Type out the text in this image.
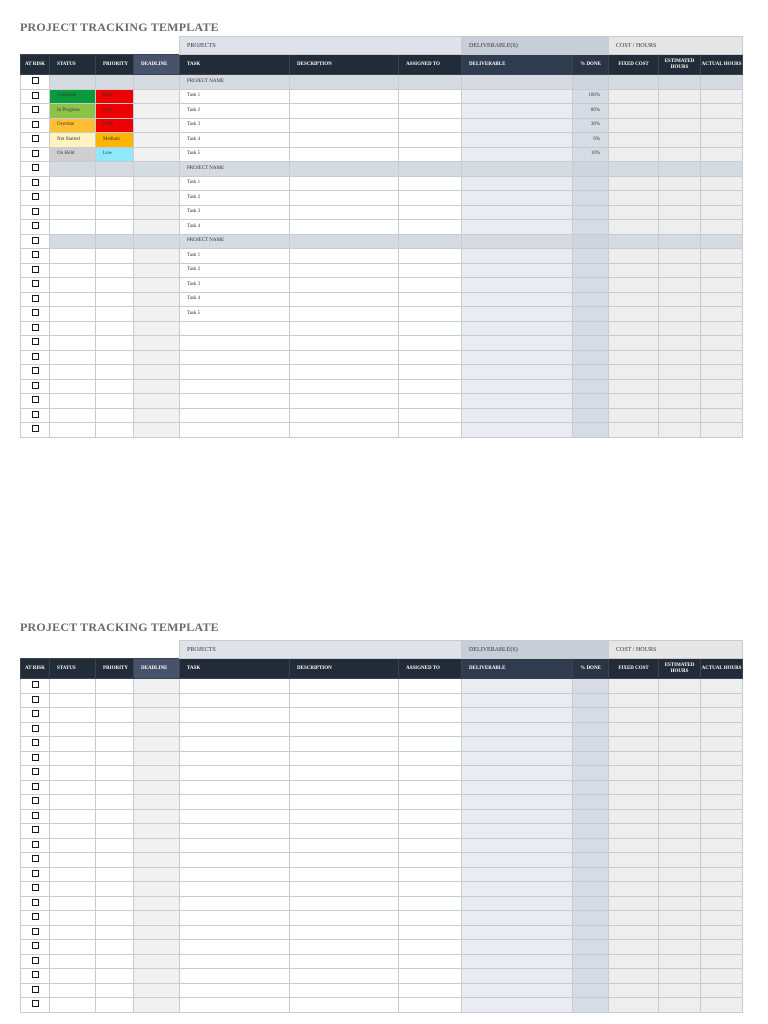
PROJECT TRACKING TEMPLATE
				PROJECTS			DELIVERABLE(S)		COST / HOURS		
AT RISK	STATUS	PRIORITY	DEADLINE	TASK	DESCRIPTION	ASSIGNED TO	DELIVERABLE	% DONE	FIXED COST	ESTIMATED HOURS	ACTUAL HOURS
				PROJECT NAME							
	Complete	High		Task 1				100%			
	In Progress	High		Task 2				80%			
	Overdue	High		Task 3				30%			
	Not Started	Medium		Task 4				0%			
	On Hold	Low		Task 5				10%			
				PROJECT NAME							
				Task 1							
				Task 2							
				Task 3							
				Task 4							
				PROJECT NAME							
				Task 1							
				Task 2							
				Task 3							
				Task 4							
				Task 5							

PROJECT TRACKING TEMPLATE
				PROJECTS			DELIVERABLE(S)		COST / HOURS		
AT RISK	STATUS	PRIORITY	DEADLINE	TASK	DESCRIPTION	ASSIGNED TO	DELIVERABLE	% DONE	FIXED COST	ESTIMATED HOURS	ACTUAL HOURS
